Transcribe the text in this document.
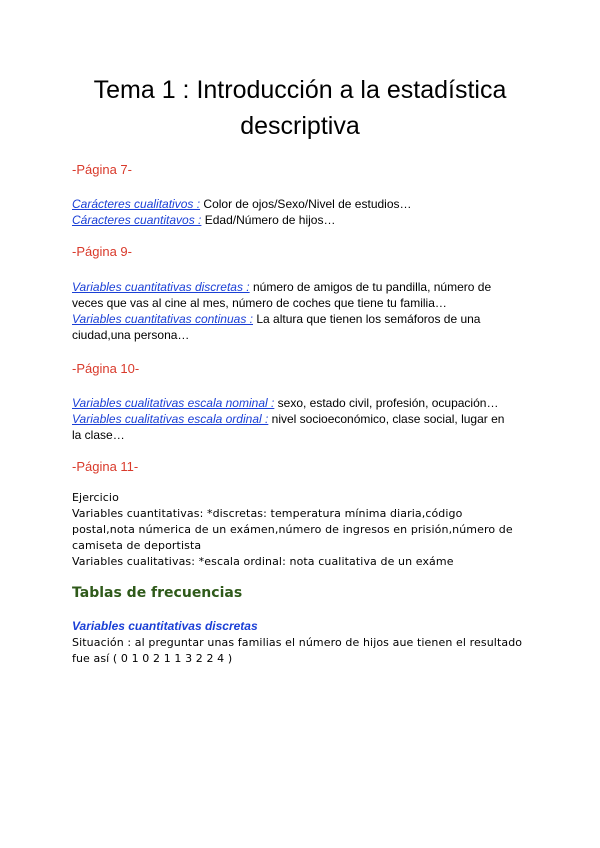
Tema 1 : Introducción a la estadística
descriptiva
-Página 7-
Carácteres cualitativos : Color de ojos/Sexo/Nivel de estudios…
Cáracteres cuantitavos : Edad/Número de hijos…
-Página 9-
Variables cuantitativas discretas : número de amigos de tu pandilla, número de
veces que vas al cine al mes, número de coches que tiene tu familia…
Variables cuantitativas continuas : La altura que tienen los semáforos de una
ciudad,una persona…
-Página 10-
Variables cualitativas escala nominal : sexo, estado civil, profesión, ocupación…
Variables cualitativas escala ordinal : nivel socioeconómico, clase social, lugar en
la clase…
-Página 11-
Ejercicio
Variables cuantitativas: *discretas: temperatura mínima diaria,código
postal,nota númerica de un exámen,número de ingresos en prisión,número de
camiseta de deportista
Variables cualitativas: *escala ordinal: nota cualitativa de un exáme
Tablas de frecuencias
Variables cuantitativas discretas
Situación : al preguntar unas familias el número de hijos aue tienen el resultado
fue así ( 0 1 0 2 1 1 3 2 2 4 )
